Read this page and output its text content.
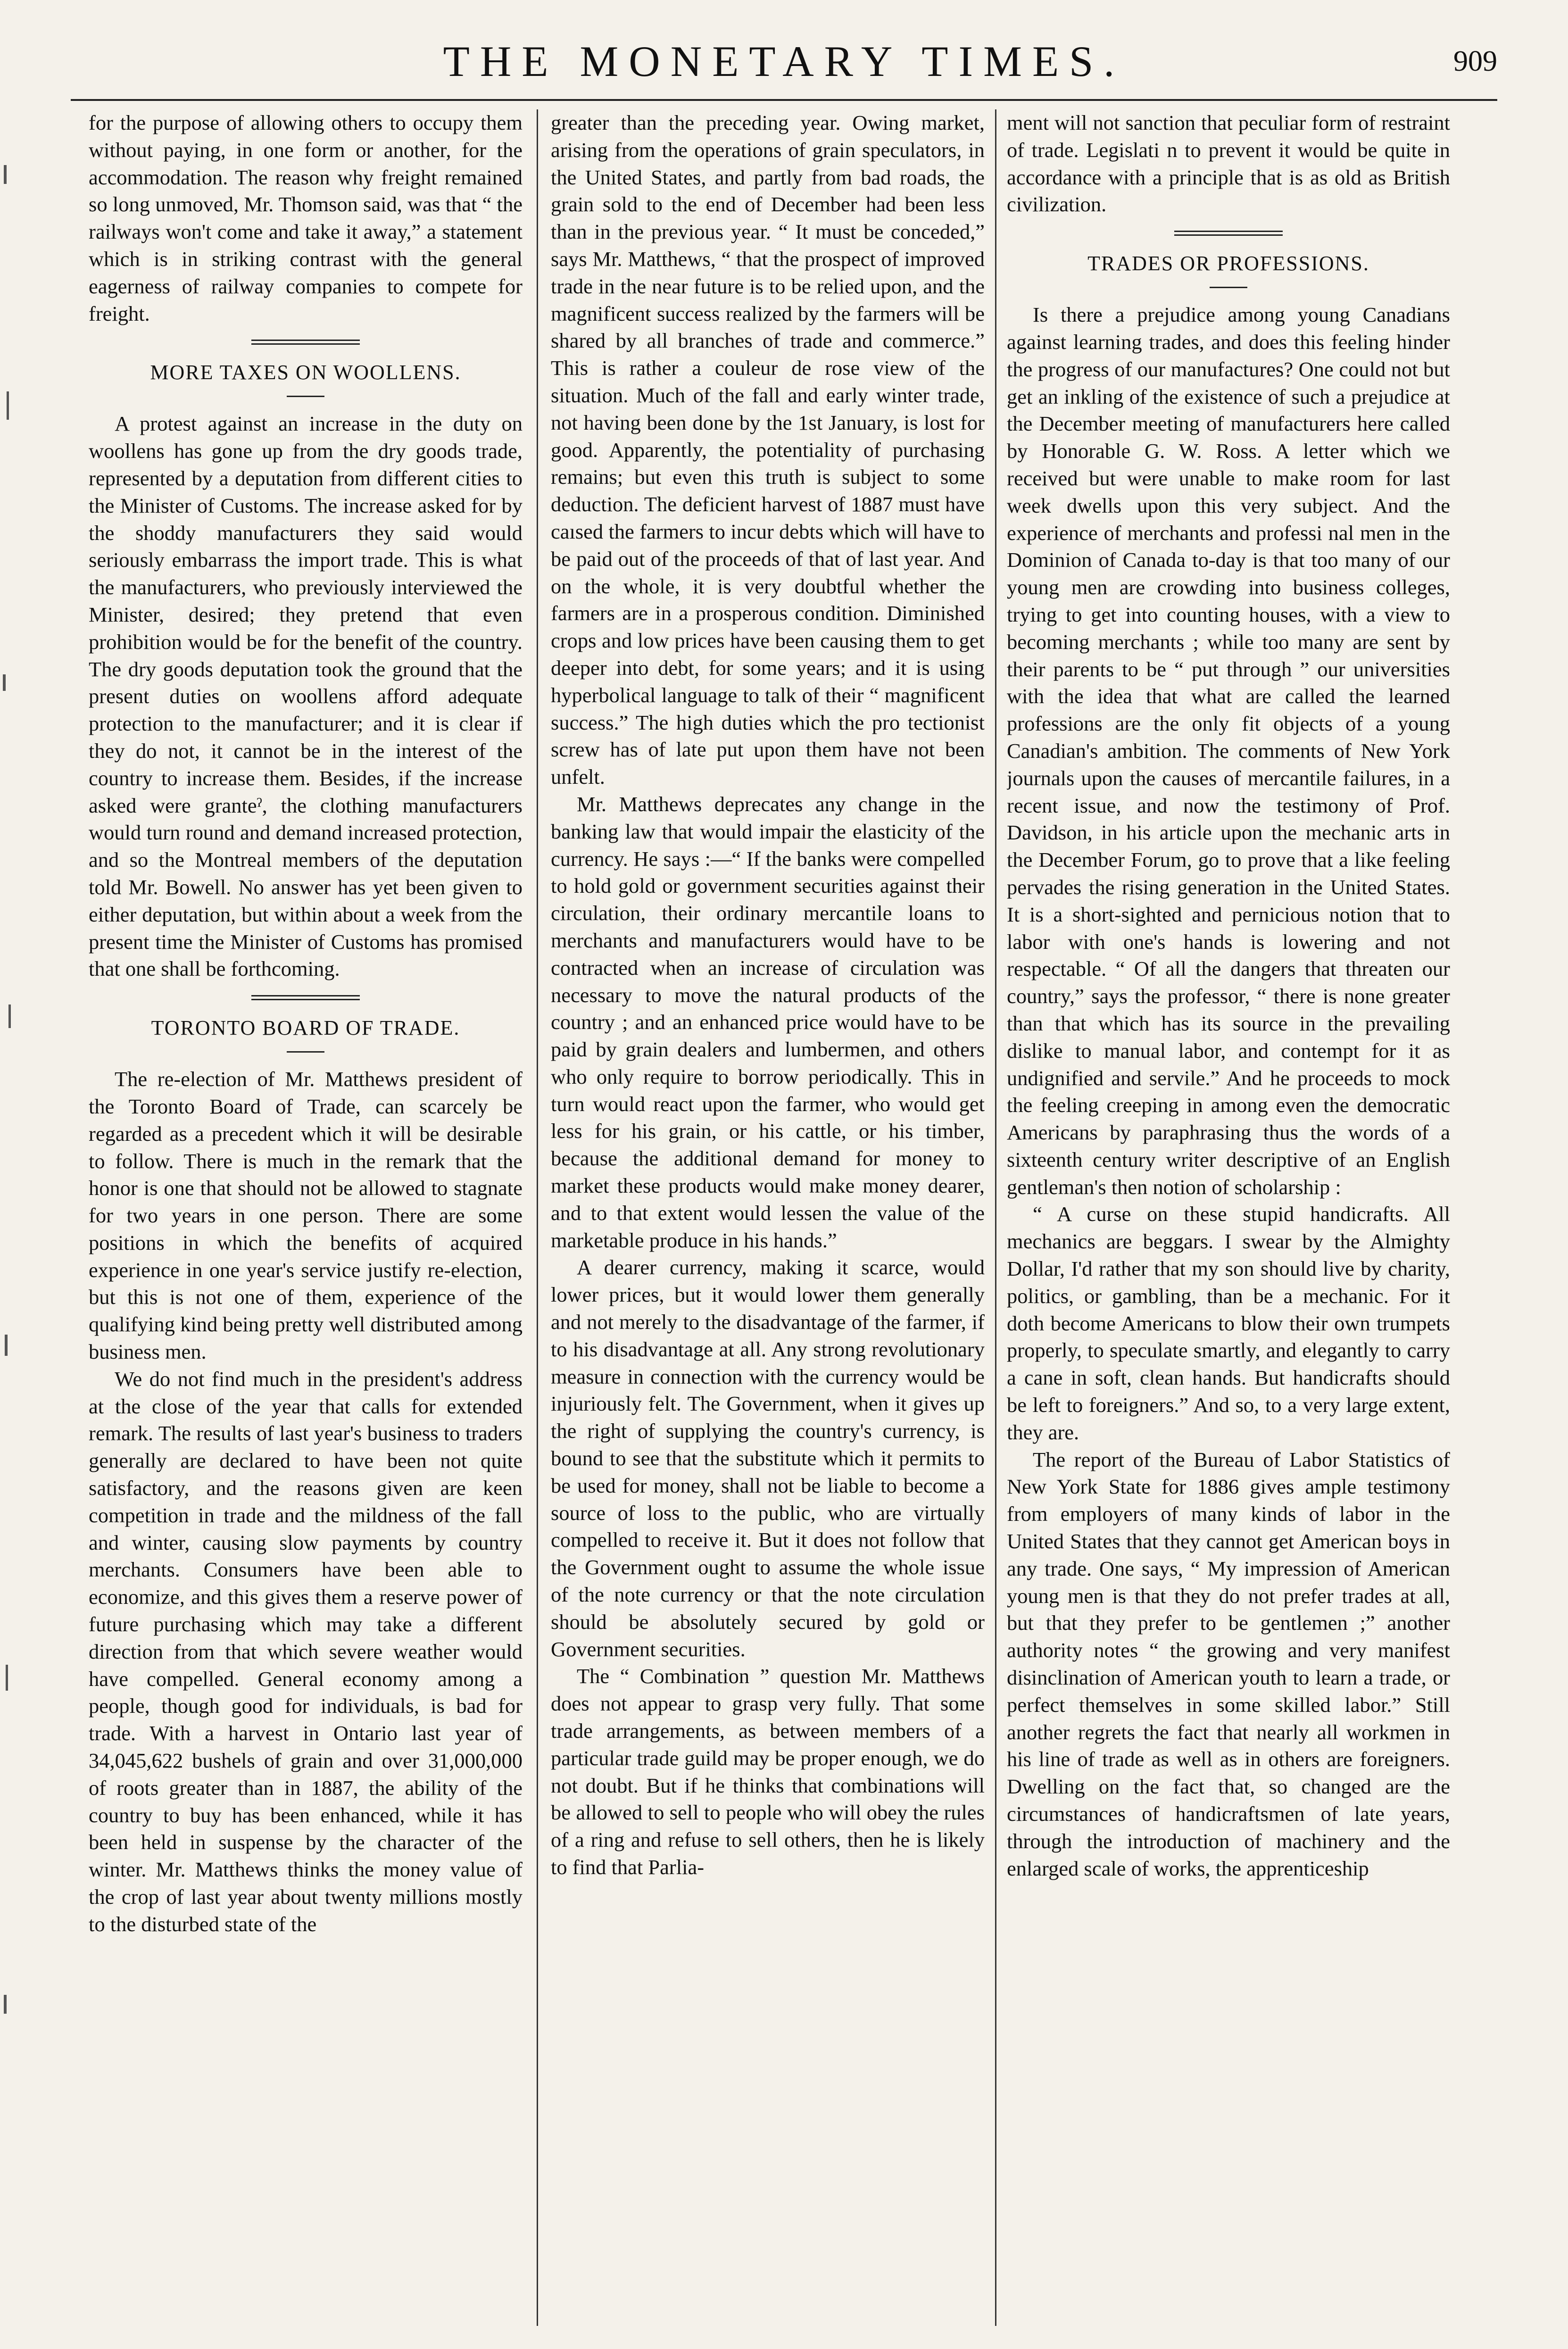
THE MONETARY TIMES.	909

for the purpose of allowing others to occupy them without paying, in one form or another, for the accommodation. The reason why freight remained so long unmoved, Mr. Thomson said, was that “ the railways won't come and take it away,” a statement which is in striking contrast with the general eagerness of railway companies to compete for freight.

MORE TAXES ON WOOLLENS.

A protest against an increase in the duty on woollens has gone up from the dry goods trade, represented by a deputation from different cities to the Minister of Customs. The increase asked for by the shoddy manufacturers they said would seriously embarrass the import trade. This is what the manufacturers, who previously interviewed the Minister, desired; they pretend that even prohibition would be for the benefit of the country. The dry goods deputation took the ground that the present duties on woollens afford adequate protection to the manufacturer; and it is clear if they do not, it cannot be in the interest of the country to increase them. Besides, if the increase asked were granteˀ, the clothing manufacturers would turn round and demand increased protection, and so the Montreal members of the deputation told Mr. Bowell. No answer has yet been given to either deputation, but within about a week from the present time the Minister of Customs has promised that one shall be forthcoming.

TORONTO BOARD OF TRADE.

The re-election of Mr. Matthews president of the Toronto Board of Trade, can scarcely be regarded as a precedent which it will be desirable to follow. There is much in the remark that the honor is one that should not be allowed to stagnate for two years in one person. There are some positions in which the benefits of acquired experience in one year's service justify re-election, but this is not one of them, experience of the qualifying kind being pretty well distributed among business men.

We do not find much in the president's address at the close of the year that calls for extended remark. The results of last year's business to traders generally are declared to have been not quite satisfactory, and the reasons given are keen competition in trade and the mildness of the fall and winter, causing slow payments by country merchants. Consumers have been able to economize, and this gives them a reserve power of future purchasing which may take a different direction from that which severe weather would have compelled. General economy among a people, though good for individuals, is bad for trade. With a harvest in Ontario last year of 34,045,622 bushels of grain and over 31,000,000 of roots greater than in 1887, the ability of the country to buy has been enhanced, while it has been held in suspense by the character of the winter. Mr. Matthews thinks the money value of the crop of last year about twenty millions mostly to the disturbed state of the

greater than the preceding year. Owing market, arising from the operations of grain speculators, in the United States, and partly from bad roads, the grain sold to the end of December had been less than in the previous year. “ It must be conceded,” says Mr. Matthews, “ that the prospect of improved trade in the near future is to be relied upon, and the magnificent success realized by the farmers will be shared by all branches of trade and commerce.” This is rather a couleur de rose view of the situation. Much of the fall and early winter trade, not having been done by the 1st January, is lost for good. Apparently, the potentiality of purchasing remains; but even this truth is subject to some deduction. The deficient harvest of 1887 must have caısed the farmers to incur debts which will have to be paid out of the proceeds of that of last year. And on the whole, it is very doubtful whether the farmers are in a prosperous condition. Diminished crops and low prices have been causing them to get deeper into debt, for some years; and it is using hyperbolical language to talk of their “ magnificent success.” The high duties which the pro tectionist screw has of late put upon them have not been unfelt.

Mr. Matthews deprecates any change in the banking law that would impair the elasticity of the currency. He says :—“ If the banks were compelled to hold gold or government securities against their circulation, their ordinary mercantile loans to merchants and manufacturers would have to be contracted when an increase of circulation was necessary to move the natural products of the country ; and an enhanced price would have to be paid by grain dealers and lumbermen, and others who only require to borrow periodically. This in turn would react upon the farmer, who would get less for his grain, or his cattle, or his timber, because the additional demand for money to market these products would make money dearer, and to that extent would lessen the value of the marketable produce in his hands.”

A dearer currency, making it scarce, would lower prices, but it would lower them generally and not merely to the disadvantage of the farmer, if to his disadvantage at all. Any strong revolutionary measure in connection with the currency would be injuriously felt. The Government, when it gives up the right of supplying the country's currency, is bound to see that the substitute which it permits to be used for money, shall not be liable to become a source of loss to the public, who are virtually compelled to receive it. But it does not follow that the Government ought to assume the whole issue of the note currency or that the note circulation should be absolutely secured by gold or Government securities.

The “ Combination ” question Mr. Matthews does not appear to grasp very fully. That some trade arrangements, as between members of a particular trade guild may be proper enough, we do not doubt. But if he thinks that combinations will be allowed to sell to people who will obey the rules of a ring and refuse to sell others, then he is likely to find that Parlia-

ment will not sanction that peculiar form of restraint of trade. Legislati n to prevent it would be quite in accordance with a principle that is as old as British civilization.

TRADES OR PROFESSIONS.

Is there a prejudice among young Canadians against learning trades, and does this feeling hinder the progress of our manufactures? One could not but get an inkling of the existence of such a prejudice at the December meeting of manufacturers here called by Honorable G. W. Ross. A letter which we received but were unable to make room for last week dwells upon this very subject. And the experience of merchants and professi nal men in the Dominion of Canada to-day is that too many of our young men are crowding into business colleges, trying to get into counting houses, with a view to becoming merchants ; while too many are sent by their parents to be “ put through ” our universities with the idea that what are called the learned professions are the only fit objects of a young Canadian's ambition. The comments of New York journals upon the causes of mercantile failures, in a recent issue, and now the testimony of Prof. Davidson, in his article upon the mechanic arts in the December Forum, go to prove that a like feeling pervades the rising generation in the United States. It is a short-sighted and pernicious notion that to labor with one's hands is lowering and not respectable. “ Of all the dangers that threaten our country,” says the professor, “ there is none greater than that which has its source in the prevailing dislike to manual labor, and contempt for it as undignified and servile.” And he proceeds to mock the feeling creeping in among even the democratic Americans by paraphrasing thus the words of a sixteenth century writer descriptive of an English gentleman's then notion of scholarship :

“ A curse on these stupid handicrafts. All mechanics are beggars. I swear by the Almighty Dollar, I'd rather that my son should live by charity, politics, or gambling, than be a mechanic. For it doth become Americans to blow their own trumpets properly, to speculate smartly, and elegantly to carry a cane in soft, clean hands. But handicrafts should be left to foreigners.” And so, to a very large extent, they are.

The report of the Bureau of Labor Statistics of New York State for 1886 gives ample testimony from employers of many kinds of labor in the United States that they cannot get American boys in any trade. One says, “ My impression of American young men is that they do not prefer trades at all, but that they prefer to be gentlemen ;” another authority notes “ the growing and very manifest disinclination of American youth to learn a trade, or perfect themselves in some skilled labor.” Still another regrets the fact that nearly all workmen in his line of trade as well as in others are foreigners. Dwelling on the fact that, so changed are the circumstances of handicraftsmen of late years, through the introduction of machinery and the enlarged scale of works, the apprenticeship
